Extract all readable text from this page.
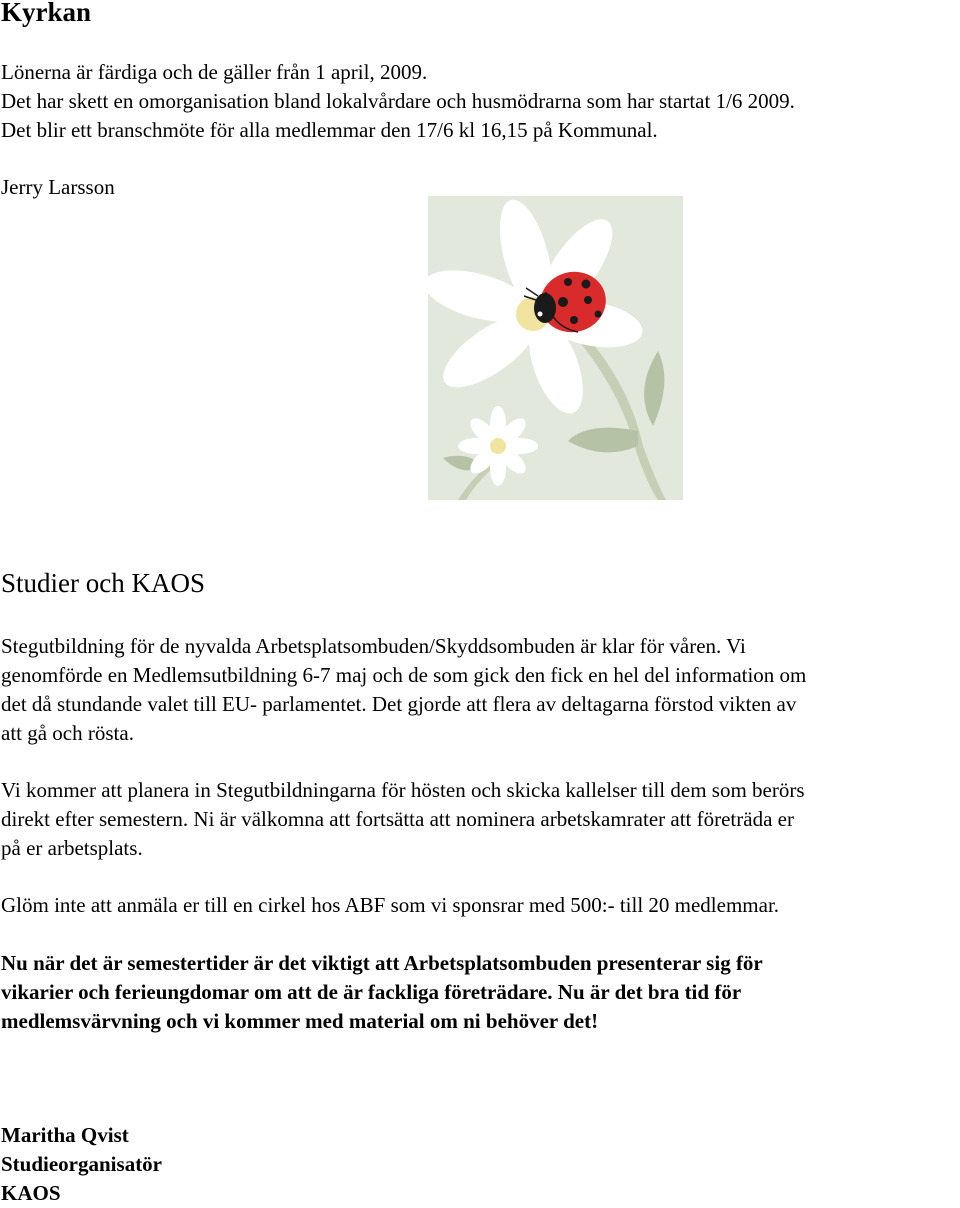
Kyrkan
Lönerna är färdiga och de gäller från 1 april, 2009.
Det har skett en omorganisation bland lokalvårdare och husmödrarna som har startat 1/6 2009.
Det blir ett branschmöte för alla medlemmar den 17/6 kl 16,15 på Kommunal.
Jerry Larsson
Studier och KAOS
Stegutbildning för de nyvalda Arbetsplatsombuden/Skyddsombuden är klar för våren. Vi
genomförde en Medlemsutbildning 6-7 maj och de som gick den fick en hel del information om
det då stundande valet till EU- parlamentet. Det gjorde att flera av deltagarna förstod vikten av
att gå och rösta.
Vi kommer att planera in Stegutbildningarna för hösten och skicka kallelser till dem som berörs
direkt efter semestern. Ni är välkomna att fortsätta att nominera arbetskamrater att företräda er
på er arbetsplats.
Glöm inte att anmäla er till en cirkel hos ABF som vi sponsrar med 500:- till 20 medlemmar.
Nu när det är semestertider är det viktigt att Arbetsplatsombuden presenterar sig för
vikarier och ferieungdomar om att de är fackliga företrädare. Nu är det bra tid för
medlemsvärvning och vi kommer med material om ni behöver det!
Maritha Qvist
Studieorganisatör
KAOS
